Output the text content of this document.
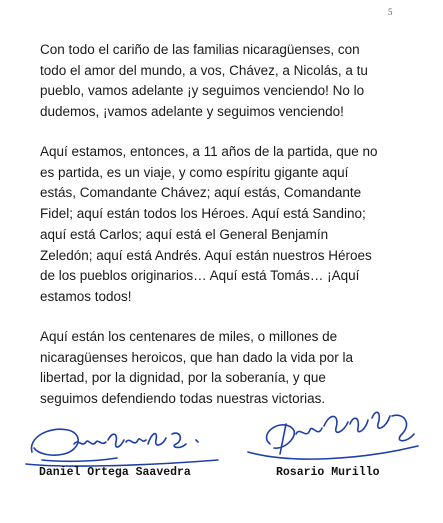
5

Con todo el cariño de las familias nicaragüenses, con
todo el amor del mundo, a vos, Chávez, a Nicolás, a tu
pueblo, vamos adelante ¡y seguimos venciendo! No lo
dudemos, ¡vamos adelante y seguimos venciendo!

Aquí estamos, entonces, a 11 años de la partida, que no
es partida, es un viaje, y como espíritu gigante aquí
estás, Comandante Chávez; aquí estás, Comandante
Fidel; aquí están todos los Héroes. Aquí está Sandino;
aquí está Carlos; aquí está el General Benjamín
Zeledón; aquí está Andrés. Aquí están nuestros Héroes
de los pueblos originarios… Aquí está Tomás… ¡Aquí
estamos todos!

Aquí están los centenares de miles, o millones de
nicaragüenses heroicos, que han dado la vida por la
libertad, por la dignidad, por la soberanía, y que
seguimos defendiendo todas nuestras victorias.

Daniel Ortega Saavedra	Rosario Murillo
